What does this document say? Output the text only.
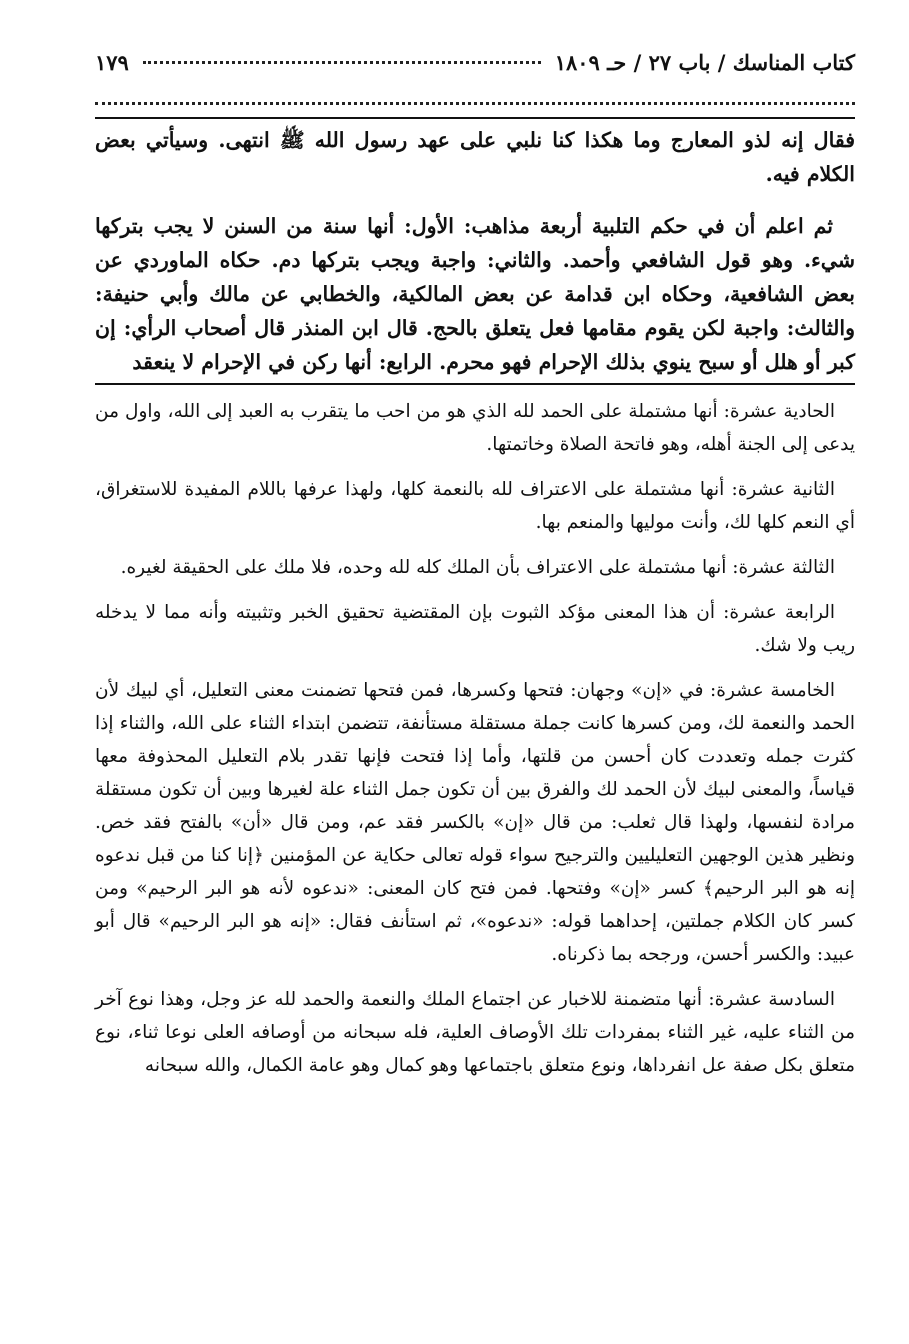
كتاب المناسك / باب ٢٧ / حـ ١٨٠٩
١٧٩

فقال إنه لذو المعارج وما هكذا كنا نلبي على عهد رسول الله ﷺ انتهى. وسيأتي بعض الكلام فيه.

ثم اعلم أن في حكم التلبية أربعة مذاهب: الأول: أنها سنة من السنن لا يجب بتركها شيء. وهو قول الشافعي وأحمد. والثاني: واجبة ويجب بتركها دم. حكاه الماوردي عن بعض الشافعية، وحكاه ابن قدامة عن بعض المالكية، والخطابي عن مالك وأبي حنيفة: والثالث: واجبة لكن يقوم مقامها فعل يتعلق بالحج. قال ابن المنذر قال أصحاب الرأي: إن كبر أو هلل أو سبح ينوي بذلك الإحرام فهو محرم. الرابع: أنها ركن في الإحرام لا ينعقد

الحادية عشرة: أنها مشتملة على الحمد لله الذي هو من احب ما يتقرب به العبد إلى الله، واول من يدعى إلى الجنة أهله، وهو فاتحة الصلاة وخاتمتها.

الثانية عشرة: أنها مشتملة على الاعتراف لله بالنعمة كلها، ولهذا عرفها باللام المفيدة للاستغراق، أي النعم كلها لك، وأنت موليها والمنعم بها.

الثالثة عشرة: أنها مشتملة على الاعتراف بأن الملك كله لله وحده، فلا ملك على الحقيقة لغيره.

الرابعة عشرة: أن هذا المعنى مؤكد الثبوت بإن المقتضية تحقيق الخبر وتثبيته وأنه مما لا يدخله ريب ولا شك.

الخامسة عشرة: في «إن» وجهان: فتحها وكسرها، فمن فتحها تضمنت معنى التعليل، أي لبيك لأن الحمد والنعمة لك، ومن كسرها كانت جملة مستقلة مستأنفة، تتضمن ابتداء الثناء على الله، والثناء إذا كثرت جمله وتعددت كان أحسن من قلتها، وأما إذا فتحت فإنها تقدر بلام التعليل المحذوفة معها قياساً، والمعنى لبيك لأن الحمد لك والفرق بين أن تكون جمل الثناء علة لغيرها وبين أن تكون مستقلة مرادة لنفسها، ولهذا قال ثعلب: من قال «إن» بالكسر فقد عم، ومن قال «أن» بالفتح فقد خص. ونظير هذين الوجهين التعليليين والترجيح سواء قوله تعالى حكاية عن المؤمنين ﴿إنا كنا من قبل ندعوه إنه هو البر الرحيم﴾ كسر «إن» وفتحها. فمن فتح كان المعنى: «ندعوه لأنه هو البر الرحيم» ومن كسر كان الكلام جملتين، إحداهما قوله: «ندعوه»، ثم استأنف فقال: «إنه هو البر الرحيم» قال أبو عبيد: والكسر أحسن، ورجحه بما ذكرناه.

السادسة عشرة: أنها متضمنة للاخبار عن اجتماع الملك والنعمة والحمد لله عز وجل، وهذا نوع آخر من الثناء عليه، غير الثناء بمفردات تلك الأوصاف العلية، فله سبحانه من أوصافه العلى نوعا ثناء، نوع متعلق بكل صفة عل انفرداها، ونوع متعلق باجتماعها وهو كمال وهو عامة الكمال، والله سبحانه
